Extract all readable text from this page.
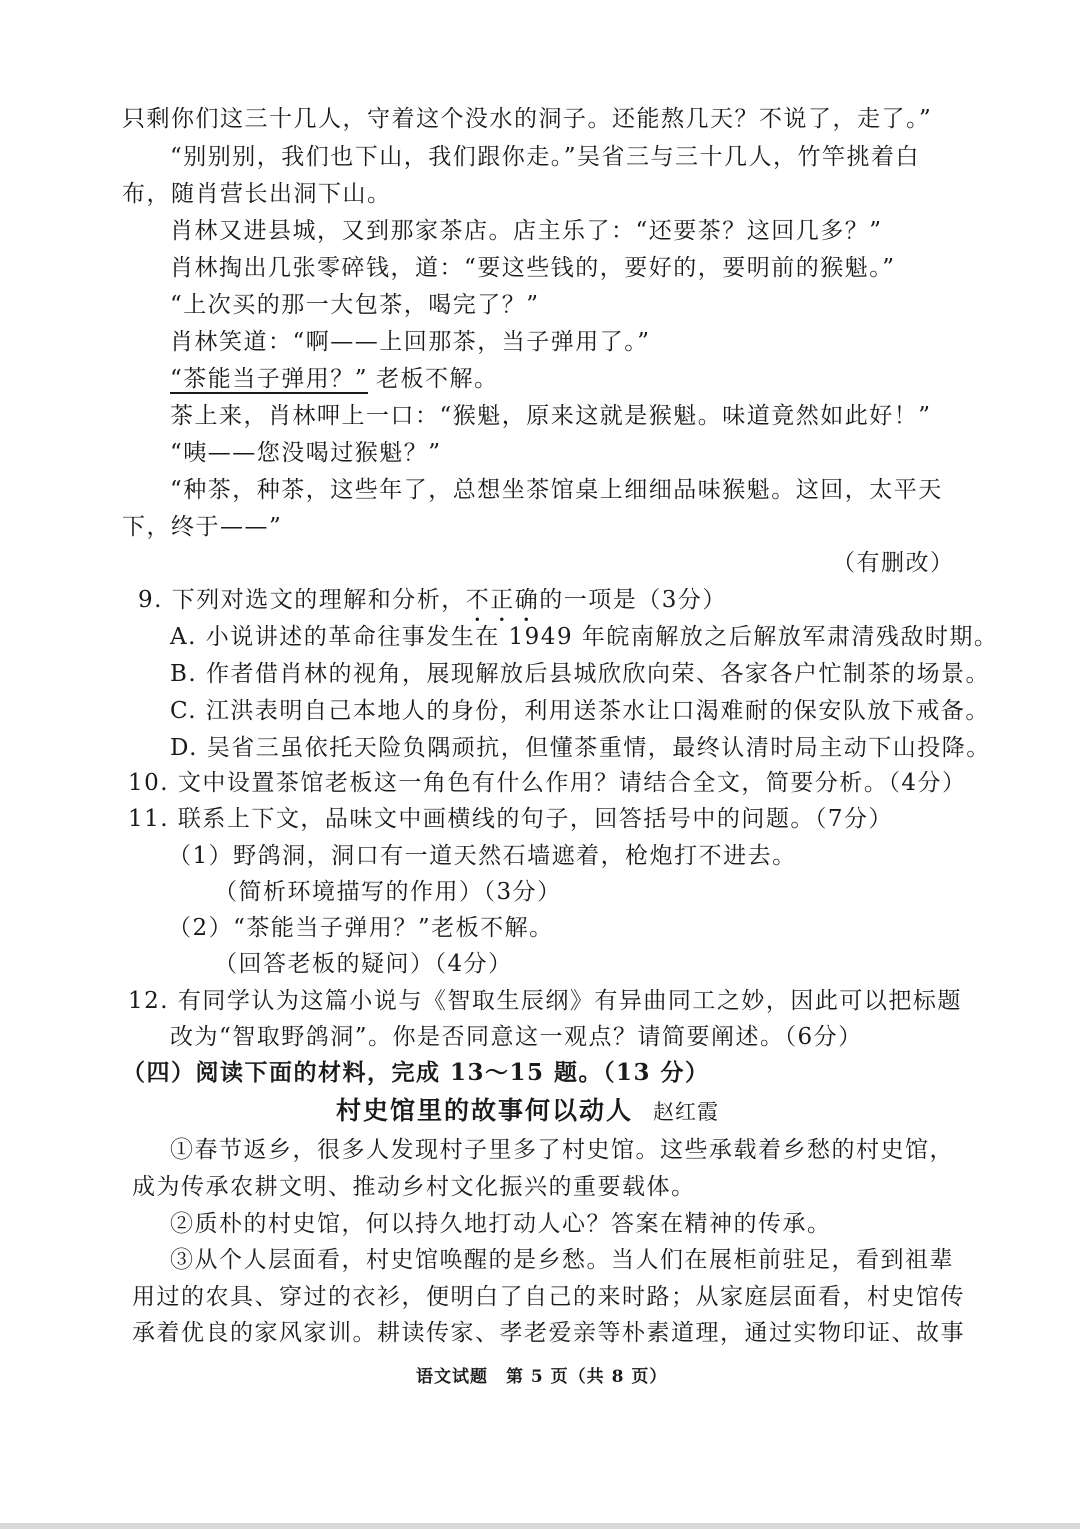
只剩你们这三十几人，守着这个没水的洞子。还能熬几天？不说了，走了。”
“别别别，我们也下山，我们跟你走。”吴省三与三十几人，竹竿挑着白
布，随肖营长出洞下山。
肖林又进县城，又到那家茶店。店主乐了：“还要茶？这回几多？”
肖林掏出几张零碎钱，道：“要这些钱的，要好的，要明前的猴魁。”
“上次买的那一大包茶，喝完了？”
肖林笑道：“啊——上回那茶，当子弹用了。”
“茶能当子弹用？” 老板不解。
茶上来，肖林呷上一口：“猴魁，原来这就是猴魁。味道竟然如此好！”
“咦——您没喝过猴魁？”
“种茶，种茶，这些年了，总想坐茶馆桌上细细品味猴魁。这回，太平天
下，终于——”
（有删改）
9. 下列对选文的理解和分析，不正确的一项是（3分）
A. 小说讲述的革命往事发生在 1949 年皖南解放之后解放军肃清残敌时期。
B. 作者借肖林的视角，展现解放后县城欣欣向荣、各家各户忙制茶的场景。
C. 江洪表明自己本地人的身份，利用送茶水让口渴难耐的保安队放下戒备。
D. 吴省三虽依托天险负隅顽抗，但懂茶重情，最终认清时局主动下山投降。
10. 文中设置茶馆老板这一角色有什么作用？请结合全文，简要分析。（4分）
11. 联系上下文，品味文中画横线的句子，回答括号中的问题。（7分）
（1）野鸽洞，洞口有一道天然石墙遮着，枪炮打不进去。
（简析环境描写的作用）（3分）
（2）“茶能当子弹用？”老板不解。
（回答老板的疑问）（4分）
12. 有同学认为这篇小说与《智取生辰纲》有异曲同工之妙，因此可以把标题
改为“智取野鸽洞”。你是否同意这一观点？请简要阐述。（6分）
（四）阅读下面的材料，完成 13～15 题。（13 分）
村史馆里的故事何以动人 赵红霞
①春节返乡，很多人发现村子里多了村史馆。这些承载着乡愁的村史馆，
成为传承农耕文明、推动乡村文化振兴的重要载体。
②质朴的村史馆，何以持久地打动人心？答案在精神的传承。
③从个人层面看，村史馆唤醒的是乡愁。当人们在展柜前驻足，看到祖辈
用过的农具、穿过的衣衫，便明白了自己的来时路；从家庭层面看，村史馆传
承着优良的家风家训。耕读传家、孝老爱亲等朴素道理，通过实物印证、故事
语文试题　第 5 页（共 8 页）
